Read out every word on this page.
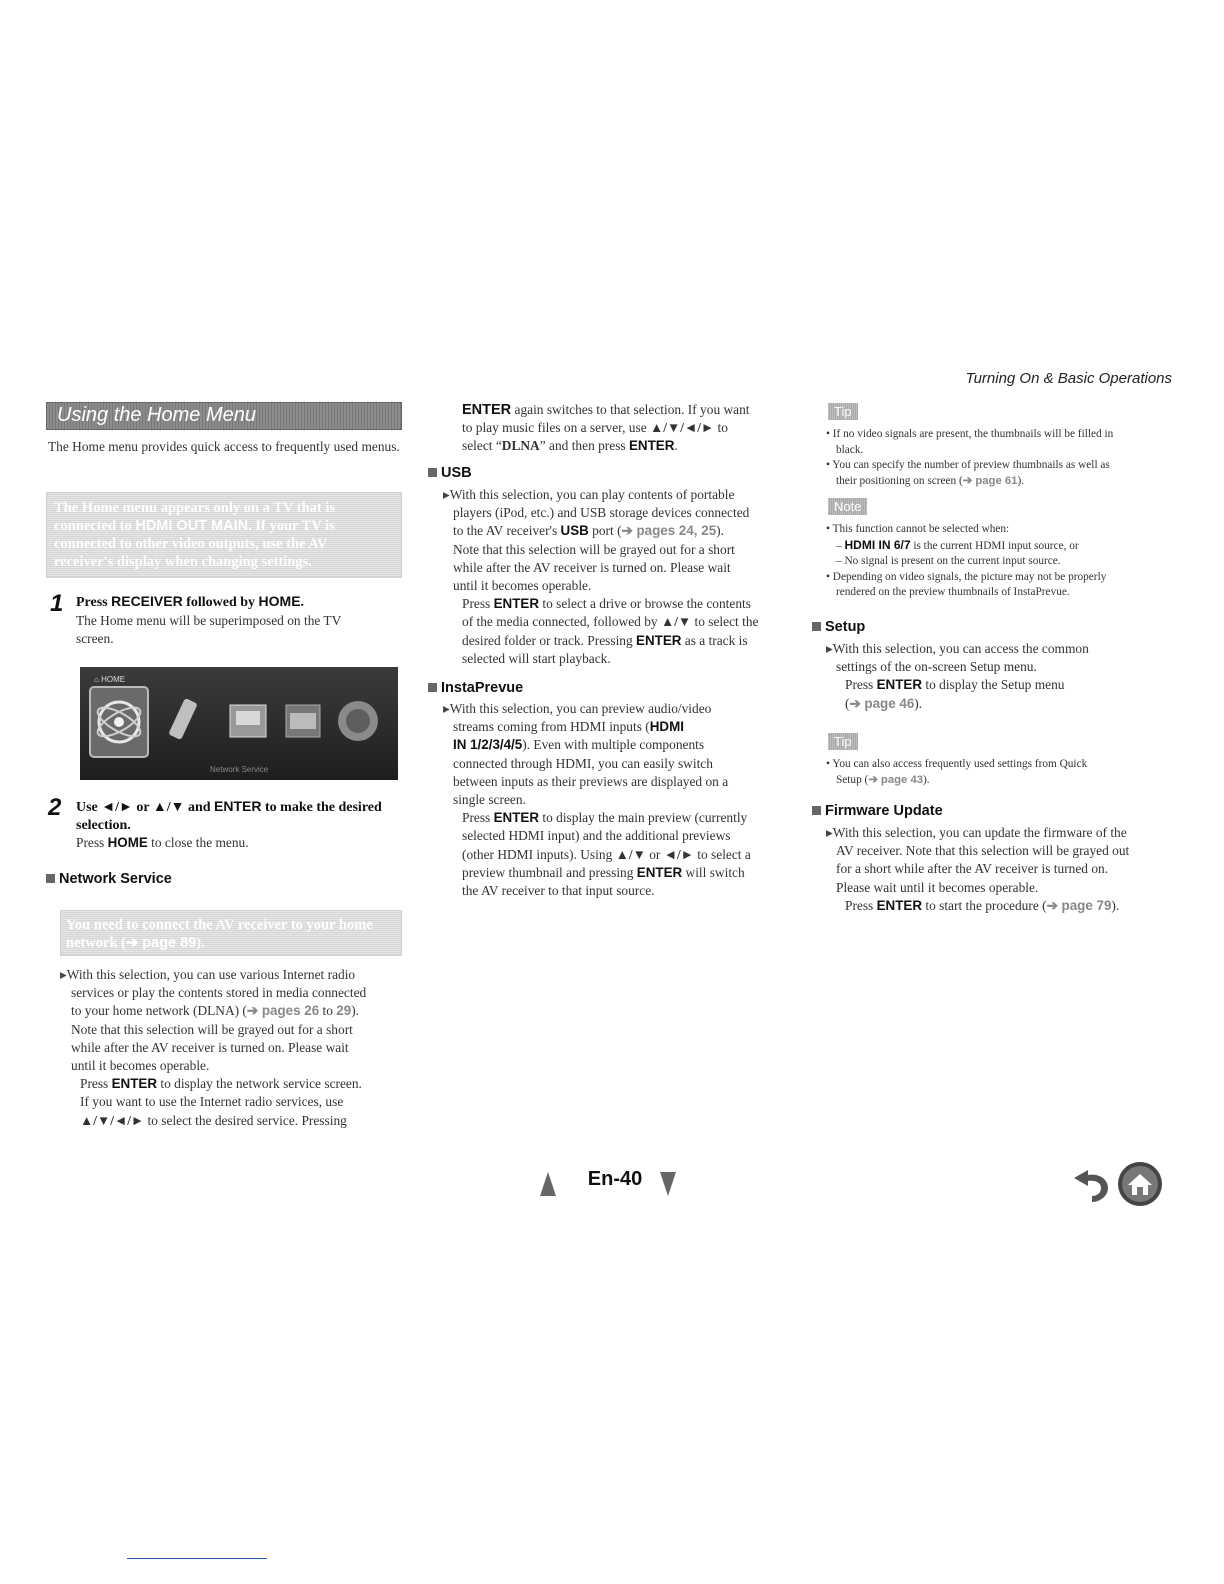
Turning On & Basic Operations
Using the Home Menu
The Home menu provides quick access to frequently used menus.
The Home menu appears only on a TV that is
connected to HDMI OUT MAIN. If your TV is
connected to other video outputs, use the AV
receiver's display when changing settings.
1 Press RECEIVER followed by HOME.
The Home menu will be superimposed on the TV
screen.
⌂ HOME
Network Service
2 Use ◄/► or ▲/▼ and ENTER to make the desired
selection.
Press HOME to close the menu.
Network Service
You need to connect the AV receiver to your home
network (➔ page 89).
▸With this selection, you can use various Internet radio
services or play the contents stored in media connected
to your home network (DLNA) (➔ pages 26 to 29).
Note that this selection will be grayed out for a short
while after the AV receiver is turned on. Please wait
until it becomes operable.
Press ENTER to display the network service screen.
If you want to use the Internet radio services, use
▲/▼/◄/► to select the desired service. Pressing
ENTER again switches to that selection. If you want
to play music files on a server, use ▲/▼/◄/► to
select “DLNA” and then press ENTER.
USB
▸With this selection, you can play contents of portable
players (iPod, etc.) and USB storage devices connected
to the AV receiver's USB port (➔ pages 24, 25).
Note that this selection will be grayed out for a short
while after the AV receiver is turned on. Please wait
until it becomes operable.
Press ENTER to select a drive or browse the contents
of the media connected, followed by ▲/▼ to select the
desired folder or track. Pressing ENTER as a track is
selected will start playback.
InstaPrevue
▸With this selection, you can preview audio/video
streams coming from HDMI inputs (HDMI
IN 1/2/3/4/5). Even with multiple components
connected through HDMI, you can easily switch
between inputs as their previews are displayed on a
single screen.
Press ENTER to display the main preview (currently
selected HDMI input) and the additional previews
(other HDMI inputs). Using ▲/▼ or ◄/► to select a
preview thumbnail and pressing ENTER will switch
the AV receiver to that input source.
Tip
• If no video signals are present, the thumbnails will be filled in
black.
• You can specify the number of preview thumbnails as well as
their positioning on screen (➔ page 61).
Note
• This function cannot be selected when:
– HDMI IN 6/7 is the current HDMI input source, or
– No signal is present on the current input source.
• Depending on video signals, the picture may not be properly
rendered on the preview thumbnails of InstaPrevue.
Setup
▸With this selection, you can access the common
settings of the on-screen Setup menu.
Press ENTER to display the Setup menu
(➔ page 46).
Tip
• You can also access frequently used settings from Quick
Setup (➔ page 43).
Firmware Update
▸With this selection, you can update the firmware of the
AV receiver. Note that this selection will be grayed out
for a short while after the AV receiver is turned on.
Please wait until it becomes operable.
Press ENTER to start the procedure (➔ page 79).
En-40
